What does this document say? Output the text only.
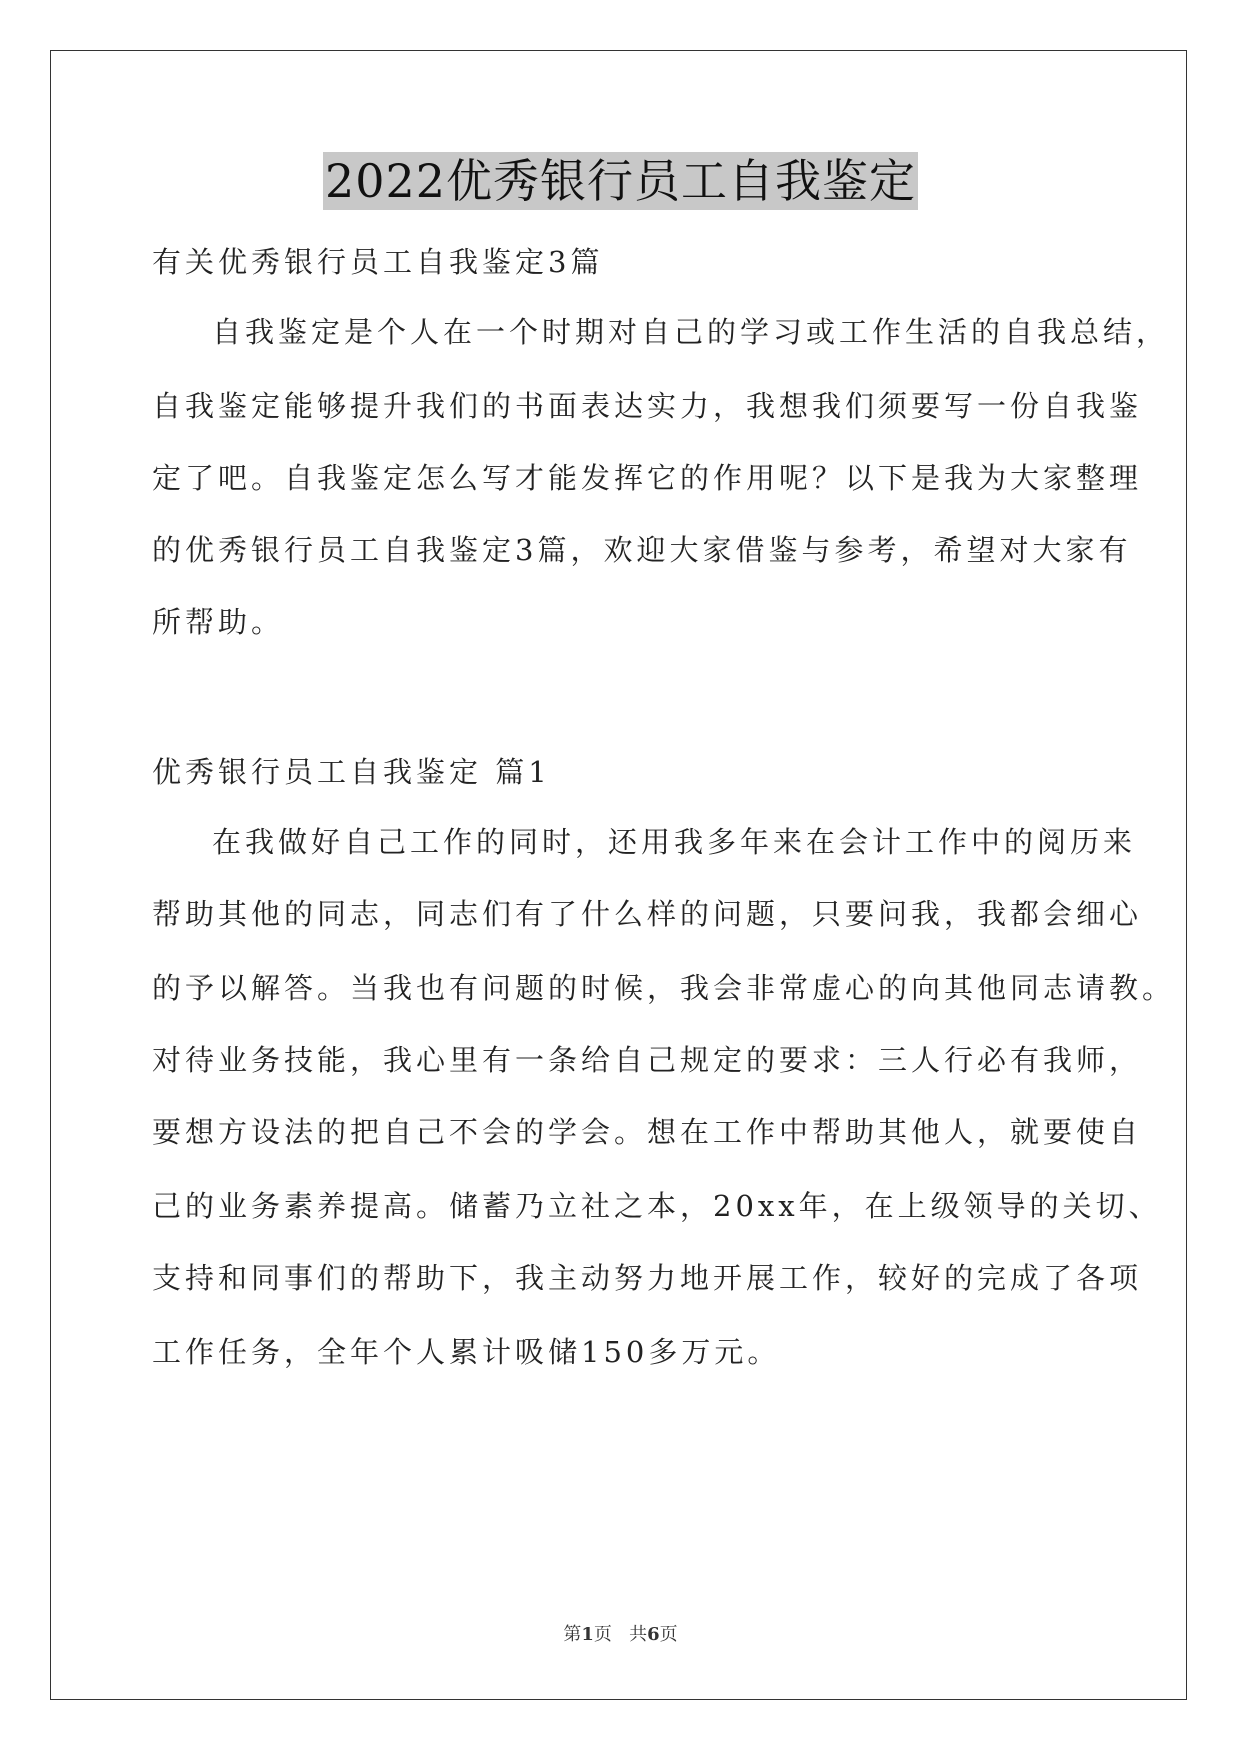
2022优秀银行员工自我鉴定
有关优秀银行员工自我鉴定3篇
自我鉴定是个人在一个时期对自己的学习或工作生活的自我总结，
自我鉴定能够提升我们的书面表达实力，我想我们须要写一份自我鉴
定了吧。自我鉴定怎么写才能发挥它的作用呢？以下是我为大家整理
的优秀银行员工自我鉴定3篇，欢迎大家借鉴与参考，希望对大家有
所帮助。
优秀银行员工自我鉴定 篇1
在我做好自己工作的同时，还用我多年来在会计工作中的阅历来
帮助其他的同志，同志们有了什么样的问题，只要问我，我都会细心
的予以解答。当我也有问题的时候，我会非常虚心的向其他同志请教。
对待业务技能，我心里有一条给自己规定的要求：三人行必有我师，
要想方设法的把自己不会的学会。想在工作中帮助其他人，就要使自
己的业务素养提高。储蓄乃立社之本，20xx年，在上级领导的关切、
支持和同事们的帮助下，我主动努力地开展工作，较好的完成了各项
工作任务，全年个人累计吸储150多万元。
第1页   共6页
